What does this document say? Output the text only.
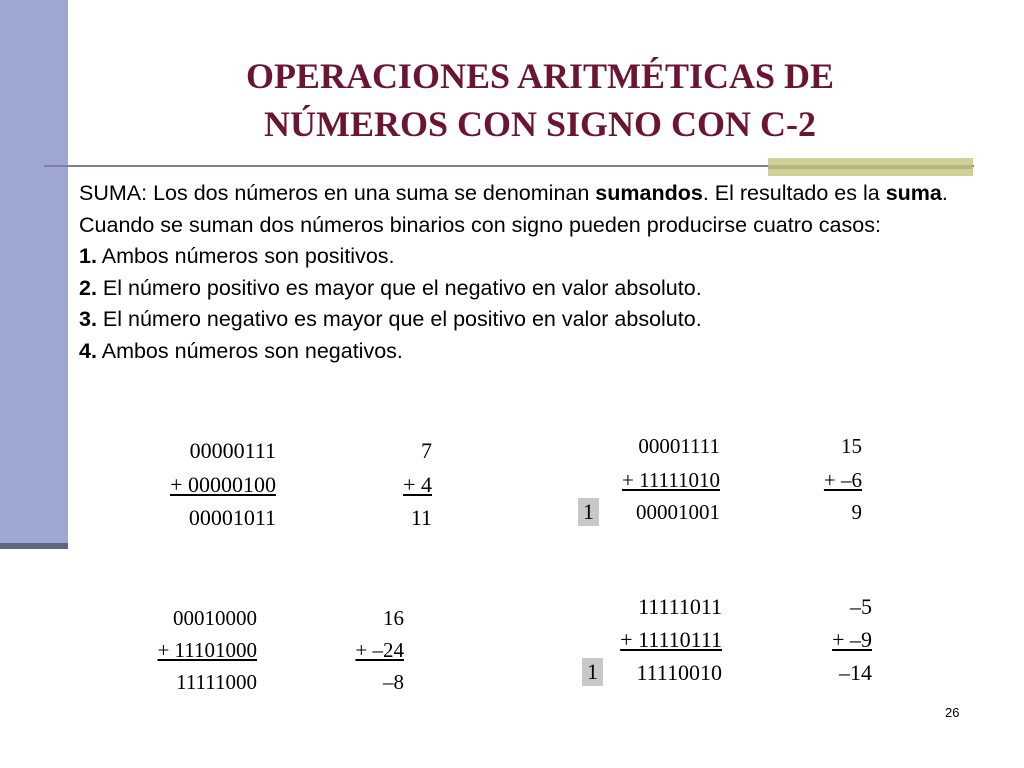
OPERACIONES ARITMÉTICAS DE
NÚMEROS CON SIGNO CON C-2

SUMA: Los dos números en una suma se denominan sumandos. El resultado es la suma. Cuando se suman dos números binarios con signo pueden producirse cuatro casos:

1. Ambos números son positivos.

2. El número positivo es mayor que el negativo en valor absoluto.

3. El número negativo es mayor que el positivo en valor absoluto.

4. Ambos números son negativos.

00000111
+ 00000100
00001011
7
+ 4
11
00001111
+ 11111010
00001001
1
15
+ –6
9
00010000
+ 11101000
11111000
16
+ –24
–8
11111011
+ 11110111
11110010
1
–5
+ –9
–14
26
